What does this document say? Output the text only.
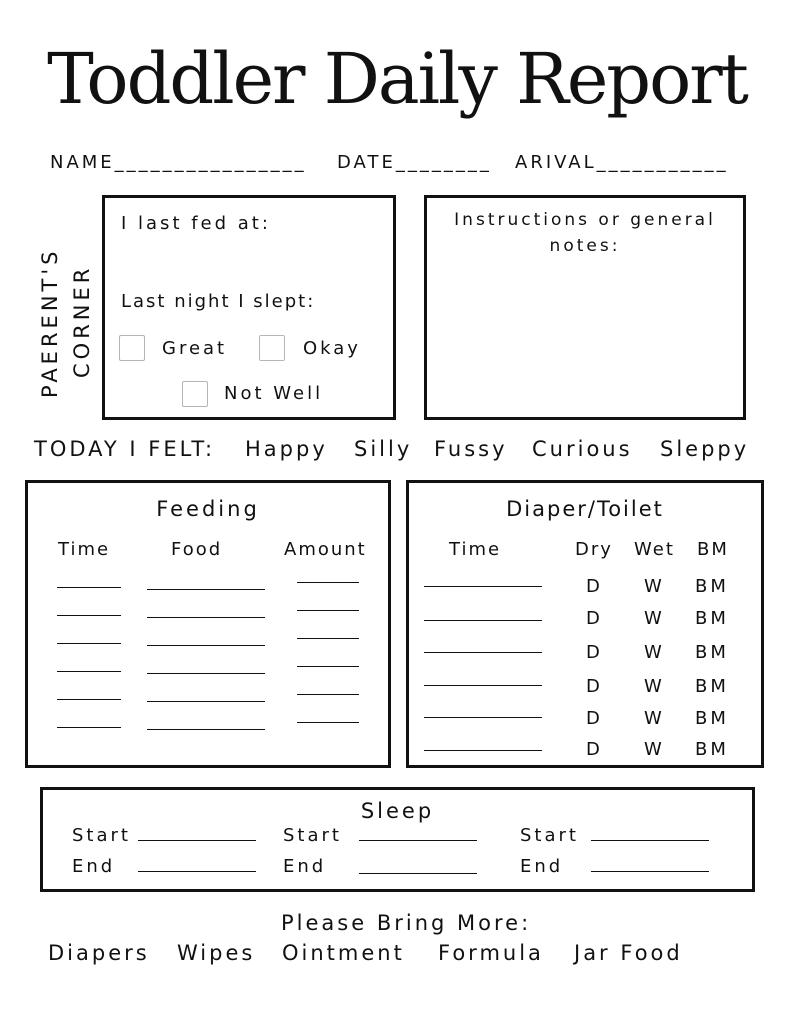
Toddler Daily Report
NAME________________ DATE________ ARIVAL___________
PAERENT'S CORNER
I last fed at:
Last night I slept:
Great	Okay
Not Well
Instructions or general
notes:
TODAY I FELT: Happy Silly Fussy Curious Sleppy
Feeding
Time	Food	Amount
Diaper/Toilet
Time	Dry Wet BM
D W BM
D W BM
D W BM
D W BM
D W BM
D W BM
Sleep
Start
End
Start
End
Start
End
Please Bring More:
Diapers Wipes Ointment Formula Jar Food
